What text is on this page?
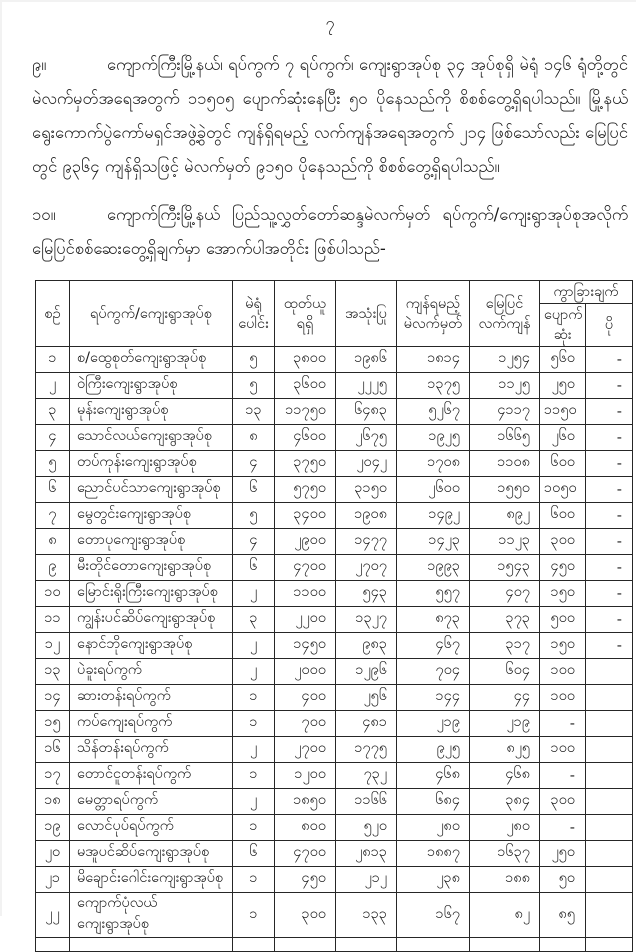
၇
၉။	ကျောက်ကြီးမြို့နယ်၊ ရပ်ကွက် ၇ ရပ်ကွက်၊ ကျေးရွာအုပ်စု ၃၄ အုပ်စုရှိ မဲရုံ ၁၄၆ ရုံတို့တွင် မဲလက်မှတ်အရေအတွက် ၁၁၅၀၅ ပျောက်ဆုံးနေပြီး ၅၀ ပိုနေသည်ကို စိစစ်တွေ့ရှိရပါသည်။ မြို့နယ် ရွေးကောက်ပွဲကော်မရှင်အဖွဲ့ခွဲတွင် ကျန်ရှိရမည့် လက်ကျန်အရေအတွက် ၂၁၄ ဖြစ်သော်လည်း မြေပြင်တွင် ၉၃၆၄ ကျန်ရှိသဖြင့် မဲလက်မှတ် ၉၁၅၀ ပိုနေသည်ကို စိစစ်တွေ့ရှိရပါသည်။
၁၀။	ကျောက်ကြီးမြို့နယ် ပြည်သူ့လွှတ်တော်ဆန္ဒမဲလက်မှတ် ရပ်ကွက်/ကျေးရွာအုပ်စုအလိုက် မြေပြင်စစ်ဆေးတွေ့ရှိချက်မှာ အောက်ပါအတိုင်း ဖြစ်ပါသည်-
စဉ်	ရပ်ကွက်/ကျေးရွာအုပ်စု	မဲရုံ ပေါင်း	ထုတ်ယူ ရရှိ	အသုံးပြု	ကျန်ရမည့် မဲလက်မှတ်	မြေပြင် လက်ကျန်	ကွာခြားချက်	
							ပျောက် ဆုံး	ပို
၁	စ/ထွေစုတ်ကျေးရွာအုပ်စု	၅	၃၈၀၀	၁၉၈၆	၁၈၁၄	၁၂၅၄	၅၆၀	-
၂	ဝဲကြီးကျေးရွာအုပ်စု	၅	၃၆၀၀	၂၂၂၅	၁၃၇၅	၁၁၂၅	၂၅၀	-
၃	မုန်းကျေးရွာအုပ်စု	၁၃	၁၁၇၅၀	၆၄၈၃	၅၂၆၇	၄၁၁၇	၁၁၅၀	-
၄	သောင်လယ်ကျေးရွာအုပ်စု	၈	၄၆၀၀	၂၆၇၅	၁၉၂၅	၁၆၆၅	၂၆၀	-
၅	တပ်ကုန်းကျေးရွာအုပ်စု	၄	၃၇၅၀	၂၀၄၂	၁၇၀၈	၁၁၀၈	၆၀၀	-
၆	ညောင်ပင်သာကျေးရွာအုပ်စု	၆	၅၇၅၀	၃၁၅၀	၂၆၀၀	၁၅၅၀	၁၀၅၀	-
၇	မွေတွင်းကျေးရွာအုပ်စု	၅	၃၄၀၀	၁၉၀၈	၁၄၉၂	၈၉၂	၆၀၀	-
၈	တောပုကျေးရွာအုပ်စု	၄	၂၉၀၀	၁၄၇၇	၁၄၂၃	၁၁၂၃	၃၀၀	-
၉	မီးတိုင်တောကျေးရွာအုပ်စု	၆	၄၇၀၀	၂၇၀၇	၁၉၉၃	၁၅၄၃	၄၅၀	-
၁၀	မြောင်းရိုးကြီးကျေးရွာအုပ်စု	၂	၁၁၀၀	၅၄၃	၅၅၇	၄၀၇	၁၅၀	-
၁၁	ကျွန်းပင်ဆိပ်ကျေးရွာအုပ်စု	၃	၂၂၀၀	၁၃၂၇	၈၇၃	၃၇၃	၅၀၀	-
၁၂	နောင်ဘိုကျေးရွာအုပ်စု	၂	၁၄၅၀	၉၈၃	၄၆၇	၃၁၇	၁၅၀	-
၁၃	ပဲခူးရပ်ကွက်	၂	၂၀၀၀	၁၂၉၆	၇၀၄	၆၀၄	၁၀၀	
၁၄	ဆားတန်းရပ်ကွက်	၁	၄၀၀	၂၅၆	၁၄၄	၄၄	၁၀၀	
၁၅	ကပ်ကျေးရပ်ကွက်	၁	၇၀၀	၄၈၁	၂၁၉	၂၁၉	-	
၁၆	သိန်တန်းရပ်ကွက်	၂	၂၇၀၀	၁၇၇၅	၉၂၅	၈၂၅	၁၀၀	
၁၇	တောင်ငူတန်းရပ်ကွက်	၁	၁၂၀၀	၇၃၂	၄၆၈	၄၆၈	-	
၁၈	မေတ္တာရပ်ကွက်	၂	၁၈၅၀	၁၁၆၆	၆၈၄	၃၈၄	၃၀၀	
၁၉	လောင်ပုပ်ရပ်ကွက်	၁	၈၀၀	၅၂၀	၂၈၀	၂၈၀	-	
၂၀	မအူပင်ဆိပ်ကျေးရွာအုပ်စု	၆	၄၇၀၀	၂၈၁၃	၁၈၈၇	၁၆၃၇	၂၅၀	
၂၁	မိချောင်းဂေါင်းကျေးရွာအုပ်စု	၁	၄၅၀	၂၁၂	၂၃၈	၁၈၈	၅၀	
၂၂	ကျောက်ပုံလယ်ကျေးရွာအုပ်စု	၁	၃၀၀	၁၃၃	၁၆၇	၈၂	၈၅	
